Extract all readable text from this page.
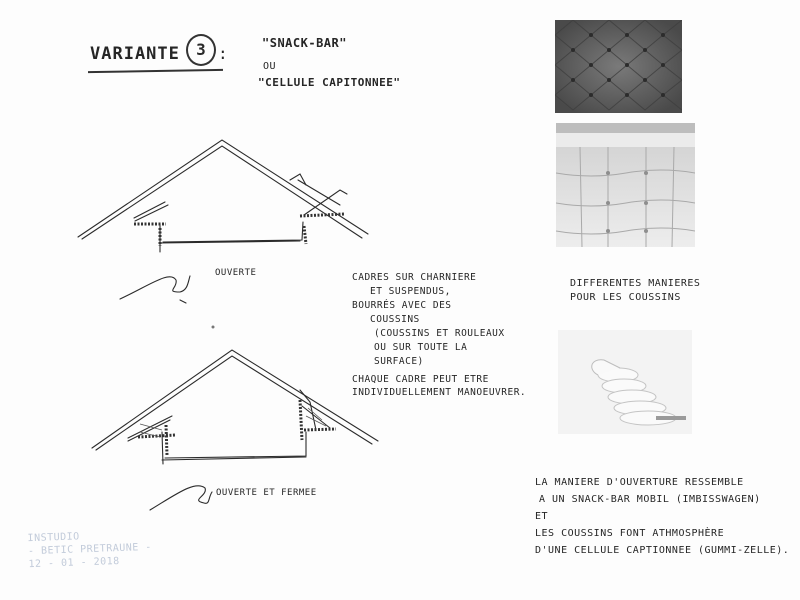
VARIANTE	3 :
"SNACK-BAR"
OU
"CELLULE CAPITONNEE"
OUVERTE
OUVERTE ET FERMEE
CADRES SUR CHARNIERE
ET SUSPENDUS,
BOURRÉS AVEC DES
COUSSINS
(COUSSINS ET ROULEAUX
OU SUR TOUTE LA
SURFACE)
CHAQUE CADRE PEUT ETRE
INDIVIDUELLEMENT MANOEUVRER.
DIFFERENTES MANIERES
POUR LES COUSSINS
LA MANIERE D'OUVERTURE RESSEMBLE
A UN SNACK-BAR MOBIL (IMBISSWAGEN)
ET
LES COUSSINS FONT ATHMOSPHÈRE
D'UNE CELLULE CAPTIONNEE (GUMMI-ZELLE).
INSTUDIO
- BETIC PRETRAUNE -
12 - 01 - 2018
